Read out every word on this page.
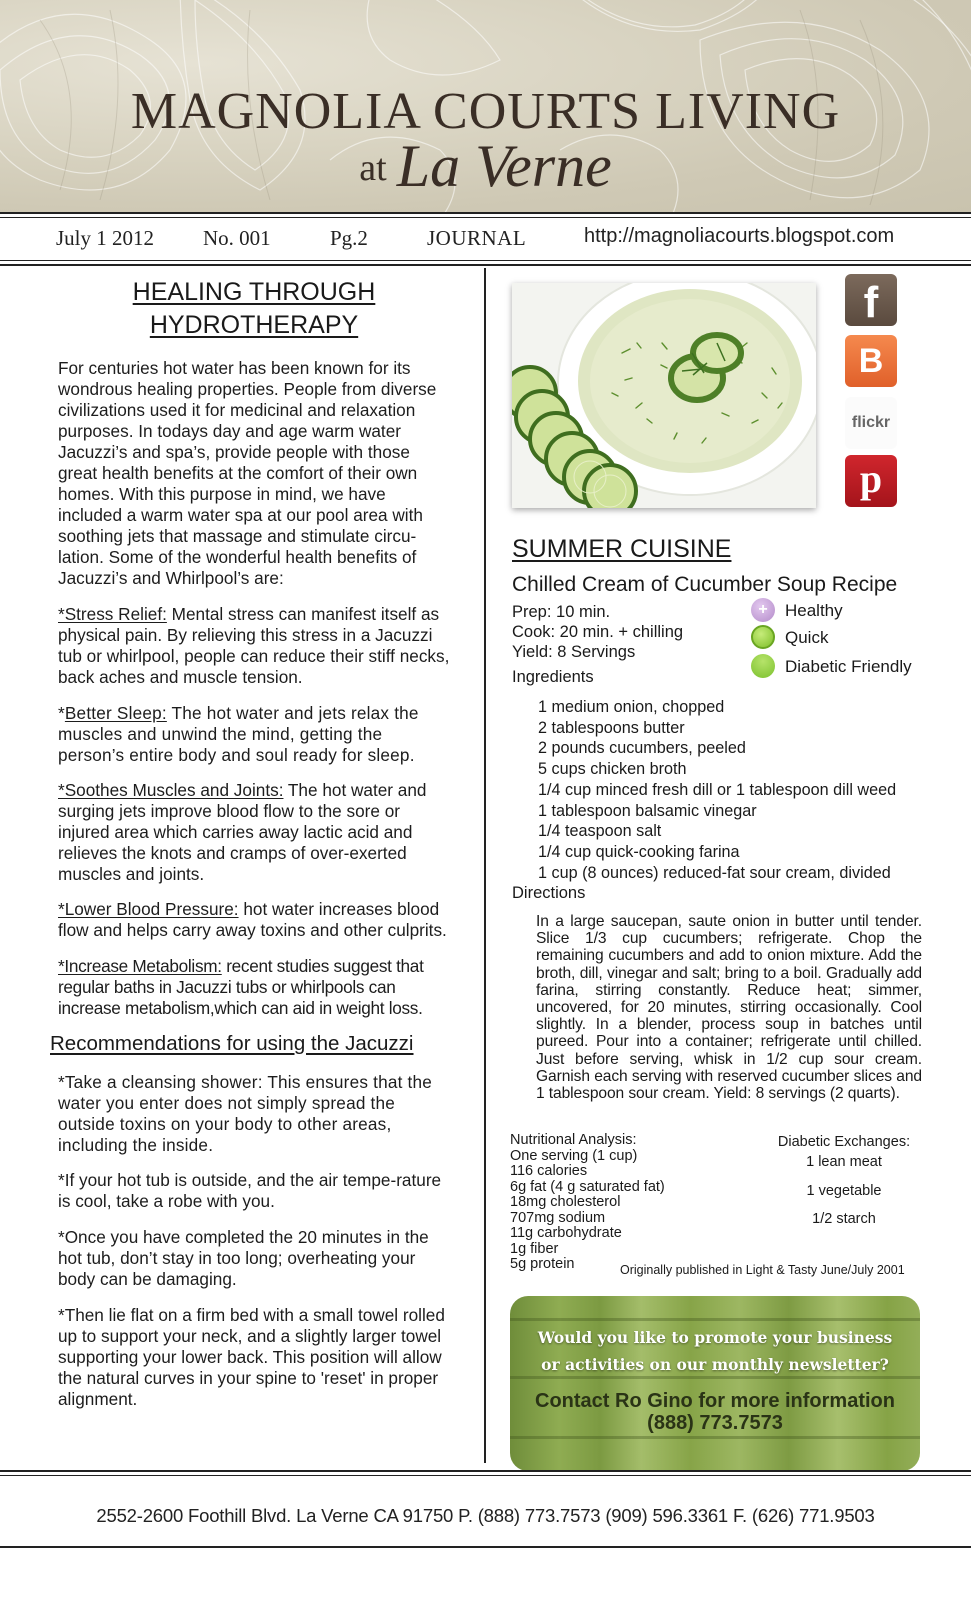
MAGNOLIA COURTS LIVING
at La Verne
July 1 2012 No. 001	Pg.2	JOURNAL	http://magnoliacourts.blogspot.com
HEALING THROUGH
HYDROTHERAPY

For centuries hot water has been known for its wondrous healing properties. People from diverse civilizations used it for medicinal and relaxation purposes. In todays day and age warm water Jacuzzi’s and spa’s, provide people with those great health benefits at the comfort of their own homes. With this purpose in mind, we have included a warm water spa at our pool area with soothing jets that massage and stimulate circu-lation. Some of the wonderful health benefits of Jacuzzi’s and Whirlpool’s are:

*Stress Relief: Mental stress can manifest itself as physical pain. By relieving this stress in a Jacuzzi tub or whirlpool, people can reduce their stiff necks, back aches and muscle tension.

*Better Sleep: The hot water and jets relax the muscles and unwind the mind, getting the person’s entire body and soul ready for sleep.

*Soothes Muscles and Joints: The hot water and surging jets improve blood flow to the sore or injured area which carries away lactic acid and relieves the knots and cramps of over-exerted muscles and joints.

*Lower Blood Pressure: hot water increases blood flow and helps carry away toxins and other culprits.

*Increase Metabolism: recent studies suggest that regular baths in Jacuzzi tubs or whirlpools can increase metabolism,which can aid in weight loss.

Recommendations for using the Jacuzzi

*Take a cleansing shower: This ensures that the water you enter does not simply spread the outside toxins on your body to other areas, including the inside.

*If your hot tub is outside, and the air tempe-rature is cool, take a robe with you.

*Once you have completed the 20 minutes in the hot tub, don’t stay in too long; overheating your body can be damaging.

*Then lie flat on a firm bed with a small towel rolled up to support your neck, and a slightly larger towel supporting your lower back. This position will allow the natural curves in your spine to 'reset' in proper alignment.

f
B
flickr
p
SUMMER CUISINE
Chilled Cream of Cucumber Soup Recipe
Prep: 10 min.
Cook: 20 min. + chilling
Yield: 8 Servings
+	Healthy
Quick
Diabetic Friendly
Ingredients
1 medium onion, chopped
2 tablespoons butter
2 pounds cucumbers, peeled
5 cups chicken broth
1/4 cup minced fresh dill or 1 tablespoon dill weed
1 tablespoon balsamic vinegar
1/4 teaspoon salt
1/4 cup quick-cooking farina
1 cup (8 ounces) reduced-fat sour cream, divided
Directions
In a large saucepan, saute onion in butter until tender. Slice 1/3 cup cucumbers; refrigerate. Chop the remaining cucumbers and add to onion mixture. Add the broth, dill, vinegar and salt; bring to a boil. Gradually add farina, stirring constantly. Reduce heat; simmer, uncovered, for 20 minutes, stirring occasionally. Cool slightly. In a blender, process soup in batches until pureed. Pour into a container; refrigerate until chilled. Just before serving, whisk in 1/2 cup sour cream. Garnish each serving with reserved cucumber slices and 1 tablespoon sour cream. Yield: 8 servings (2 quarts).
Nutritional Analysis:
One serving (1 cup)
116 calories
6g fat (4 g saturated fat)
18mg cholesterol
707mg sodium
11g carbohydrate
1g fiber
5g protein
Diabetic Exchanges:
1 lean meat
1 vegetable
1/2 starch
Originally published in Light & Tasty June/July 2001
Would you like to promote your business
or activities on our monthly newsletter?
Contact Ro Gino for more information
(888) 773.7573
2552-2600 Foothill Blvd. La Verne CA 91750 P. (888) 773.7573 (909) 596.3361 F. (626) 771.9503
